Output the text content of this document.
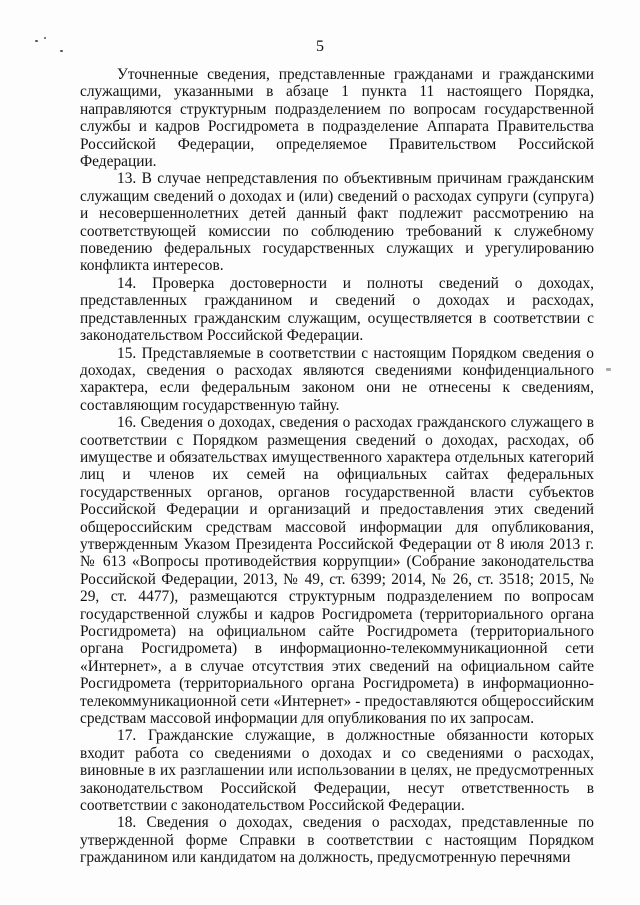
5

Уточненные сведения, представленные гражданами и гражданскими служащими, указанными в абзаце 1 пункта 11 настоящего Порядка, направляются структурным подразделением по вопросам государственной службы и кадров Росгидромета в подразделение Аппарата Правительства Российской Федерации, определяемое Правительством Российской Федерации.

13. В случае непредставления по объективным причинам гражданским служащим сведений о доходах и (или) сведений о расходах супруги (супруга) и несовершеннолетних детей данный факт подлежит рассмотрению на соответствующей комиссии по соблюдению требований к служебному поведению федеральных государственных служащих и урегулированию конфликта интересов.

14. Проверка достоверности и полноты сведений о доходах, представленных гражданином и сведений о доходах и расходах, представленных гражданским служащим, осуществляется в соответствии с законодательством Российской Федерации.

15. Представляемые в соответствии с настоящим Порядком сведения о доходах, сведения о расходах являются сведениями конфиденциального характера, если федеральным законом они не отнесены к сведениям, составляющим государственную тайну.

16. Сведения о доходах, сведения о расходах гражданского служащего в соответствии с Порядком размещения сведений о доходах, расходах, об имуществе и обязательствах имущественного характера отдельных категорий лиц и членов их семей на официальных сайтах федеральных государственных органов, органов государственной власти субъектов Российской Федерации и организаций и предоставления этих сведений общероссийским средствам массовой информации для опубликования, утвержденным Указом Президента Российской Федерации от 8 июля 2013 г. № 613 «Вопросы противодействия коррупции» (Собрание законодательства Российской Федерации, 2013, № 49, ст. 6399; 2014, № 26, ст. 3518; 2015, № 29, ст. 4477), размещаются структурным подразделением по вопросам государственной службы и кадров Росгидромета (территориального органа Росгидромета) на официальном сайте Росгидромета (территориального органа Росгидромета) в информационно-телекоммуникационной сети «Интернет», а в случае отсутствия этих сведений на официальном сайте Росгидромета (территориального органа Росгидромета) в информационно-телекоммуникационной сети «Интернет» - предоставляются общероссийским средствам массовой информации для опубликования по их запросам.

17. Гражданские служащие, в должностные обязанности которых входит работа со сведениями о доходах и со сведениями о расходах, виновные в их разглашении или использовании в целях, не предусмотренных законодательством Российской Федерации, несут ответственность в соответствии с законодательством Российской Федерации.

18. Сведения о доходах, сведения о расходах, представленные по утвержденной форме Справки в соответствии с настоящим Порядком гражданином или кандидатом на должность, предусмотренную перечнями
